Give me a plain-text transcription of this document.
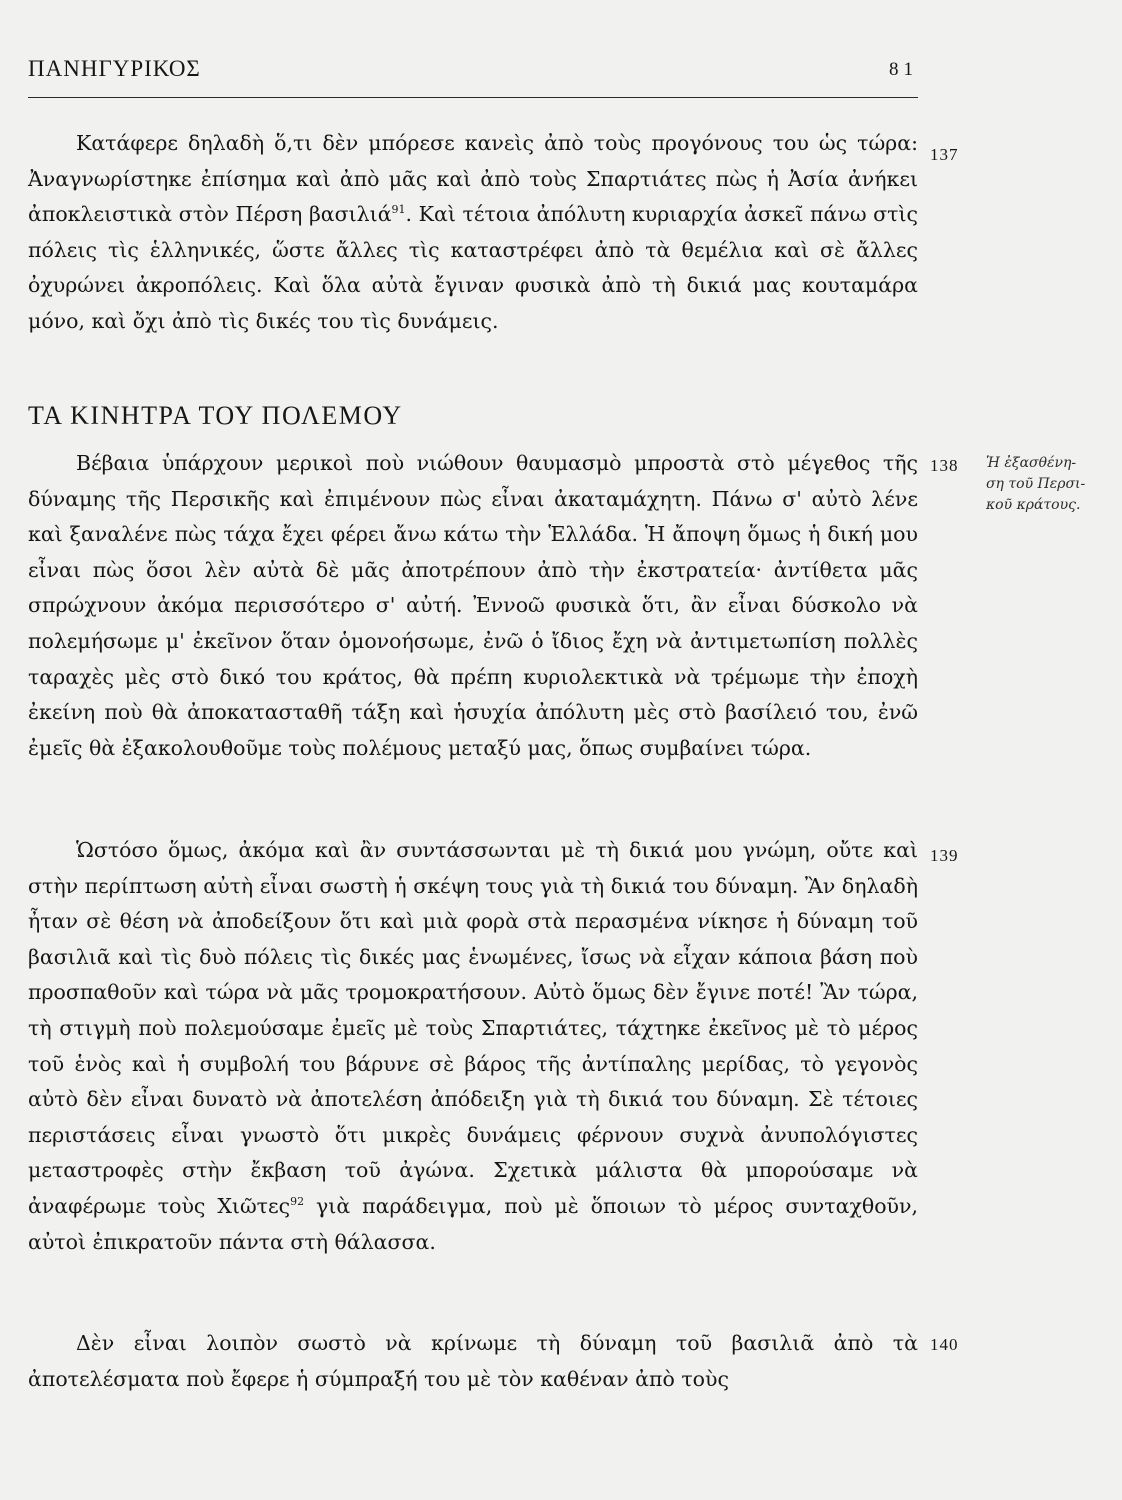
ΠΑΝΗΓΥΡΙΚΟΣ	81

Κατάφερε δηλαδὴ ὅ,τι δὲν μπόρεσε κανεὶς ἀπὸ τοὺς προγόνους του ὡς τώρα: Ἀναγνωρίστηκε ἐπίσημα καὶ ἀπὸ μᾶς καὶ ἀπὸ τοὺς Σπαρτιάτες πὼς ἡ Ἀσία ἀνήκει ἀποκλειστικὰ στὸν Πέρση βασιλιά$^{91}$. Καὶ τέτοια ἀπόλυτη κυριαρχία ἀσκεῖ πάνω στὶς πόλεις τὶς ἑλληνικές, ὥστε ἄλλες τὶς καταστρέφει ἀπὸ τὰ θεμέλια καὶ σὲ ἄλλες ὀχυρώνει ἀκροπόλεις. Καὶ ὅλα αὐτὰ ἔγιναν φυσικὰ ἀπὸ τὴ δικιά μας κουταμάρα μόνο, καὶ ὄχι ἀπὸ τὶς δικές του τὶς δυνάμεις.

ΤΑ ΚΙΝΗΤΡΑ ΤΟΥ ΠΟΛΕΜΟΥ

Βέβαια ὑπάρχουν μερικοὶ ποὺ νιώθουν θαυμασμὸ μπροστὰ στὸ μέγεθος τῆς δύναμης τῆς Περσικῆς καὶ ἐπιμένουν πὼς εἶναι ἀκαταμάχητη. Πάνω σ' αὐτὸ λένε καὶ ξαναλένε πὼς τάχα ἔχει φέρει ἄνω κάτω τὴν Ἑλλάδα. Ἡ ἄποψη ὅμως ἡ δική μου εἶναι πὼς ὅσοι λὲν αὐτὰ δὲ μᾶς ἀποτρέπουν ἀπὸ τὴν ἐκστρατεία· ἀντίθετα μᾶς σπρώχνουν ἀκόμα περισσότερο σ' αὐτή. Ἐννοῶ φυσικὰ ὅτι, ἂν εἶναι δύσκολο νὰ πολεμήσωμε μ' ἐκεῖνον ὅταν ὁμονοήσωμε, ἐνῶ ὁ ἴδιος ἔχη νὰ ἀντιμετωπίση πολλὲς ταραχὲς μὲς στὸ δικό του κράτος, θὰ πρέπη κυριολεκτικὰ νὰ τρέμωμε τὴν ἐποχὴ ἐκείνη ποὺ θὰ ἀποκατασταθῆ τάξη καὶ ἡσυχία ἀπόλυτη μὲς στὸ βασίλειό του, ἐνῶ ἐμεῖς θὰ ἐξακολουθοῦμε τοὺς πολέμους μεταξύ μας, ὅπως συμβαίνει τώρα.

Ὡστόσο ὅμως, ἀκόμα καὶ ἂν συντάσσωνται μὲ τὴ δικιά μου γνώμη, οὔτε καὶ στὴν περίπτωση αὐτὴ εἶναι σωστὴ ἡ σκέψη τους γιὰ τὴ δικιά του δύναμη. Ἂν δηλαδὴ ἦταν σὲ θέση νὰ ἀποδείξουν ὅτι καὶ μιὰ φορὰ στὰ περασμένα νίκησε ἡ δύναμη τοῦ βασιλιᾶ καὶ τὶς δυὸ πόλεις τὶς δικές μας ἑνωμένες, ἴσως νὰ εἶχαν κάποια βάση ποὺ προσπαθοῦν καὶ τώρα νὰ μᾶς τρομοκρατήσουν. Αὐτὸ ὅμως δὲν ἔγινε ποτέ! Ἂν τώρα, τὴ στιγμὴ ποὺ πολεμούσαμε ἐμεῖς μὲ τοὺς Σπαρτιάτες, τάχτηκε ἐκεῖνος μὲ τὸ μέρος τοῦ ἑνὸς καὶ ἡ συμβολή του βάρυνε σὲ βάρος τῆς ἀντίπαλης μερίδας, τὸ γεγονὸς αὐτὸ δὲν εἶναι δυνατὸ νὰ ἀποτελέση ἀπόδειξη γιὰ τὴ δικιά του δύναμη. Σὲ τέτοιες περιστάσεις εἶναι γνωστὸ ὅτι μικρὲς δυνάμεις φέρνουν συχνὰ ἀνυπολόγιστες μεταστροφὲς στὴν ἔκβαση τοῦ ἀγώνα. Σχετικὰ μάλιστα θὰ μπορούσαμε νὰ ἀναφέρωμε τοὺς Χιῶτες$^{92}$ γιὰ παράδειγμα, ποὺ μὲ ὅποιων τὸ μέρος συνταχθοῦν, αὐτοὶ ἐπικρατοῦν πάντα στὴ θάλασσα.

Δὲν εἶναι λοιπὸν σωστὸ νὰ κρίνωμε τὴ δύναμη τοῦ βασιλιᾶ ἀπὸ τὰ ἀποτελέσματα ποὺ ἔφερε ἡ σύμπραξή του μὲ τὸν καθέναν ἀπὸ τοὺς

137
138
139
140

Ἡ ἐξασθένη-
ση τοῦ Περσι-
κοῦ κράτους.
